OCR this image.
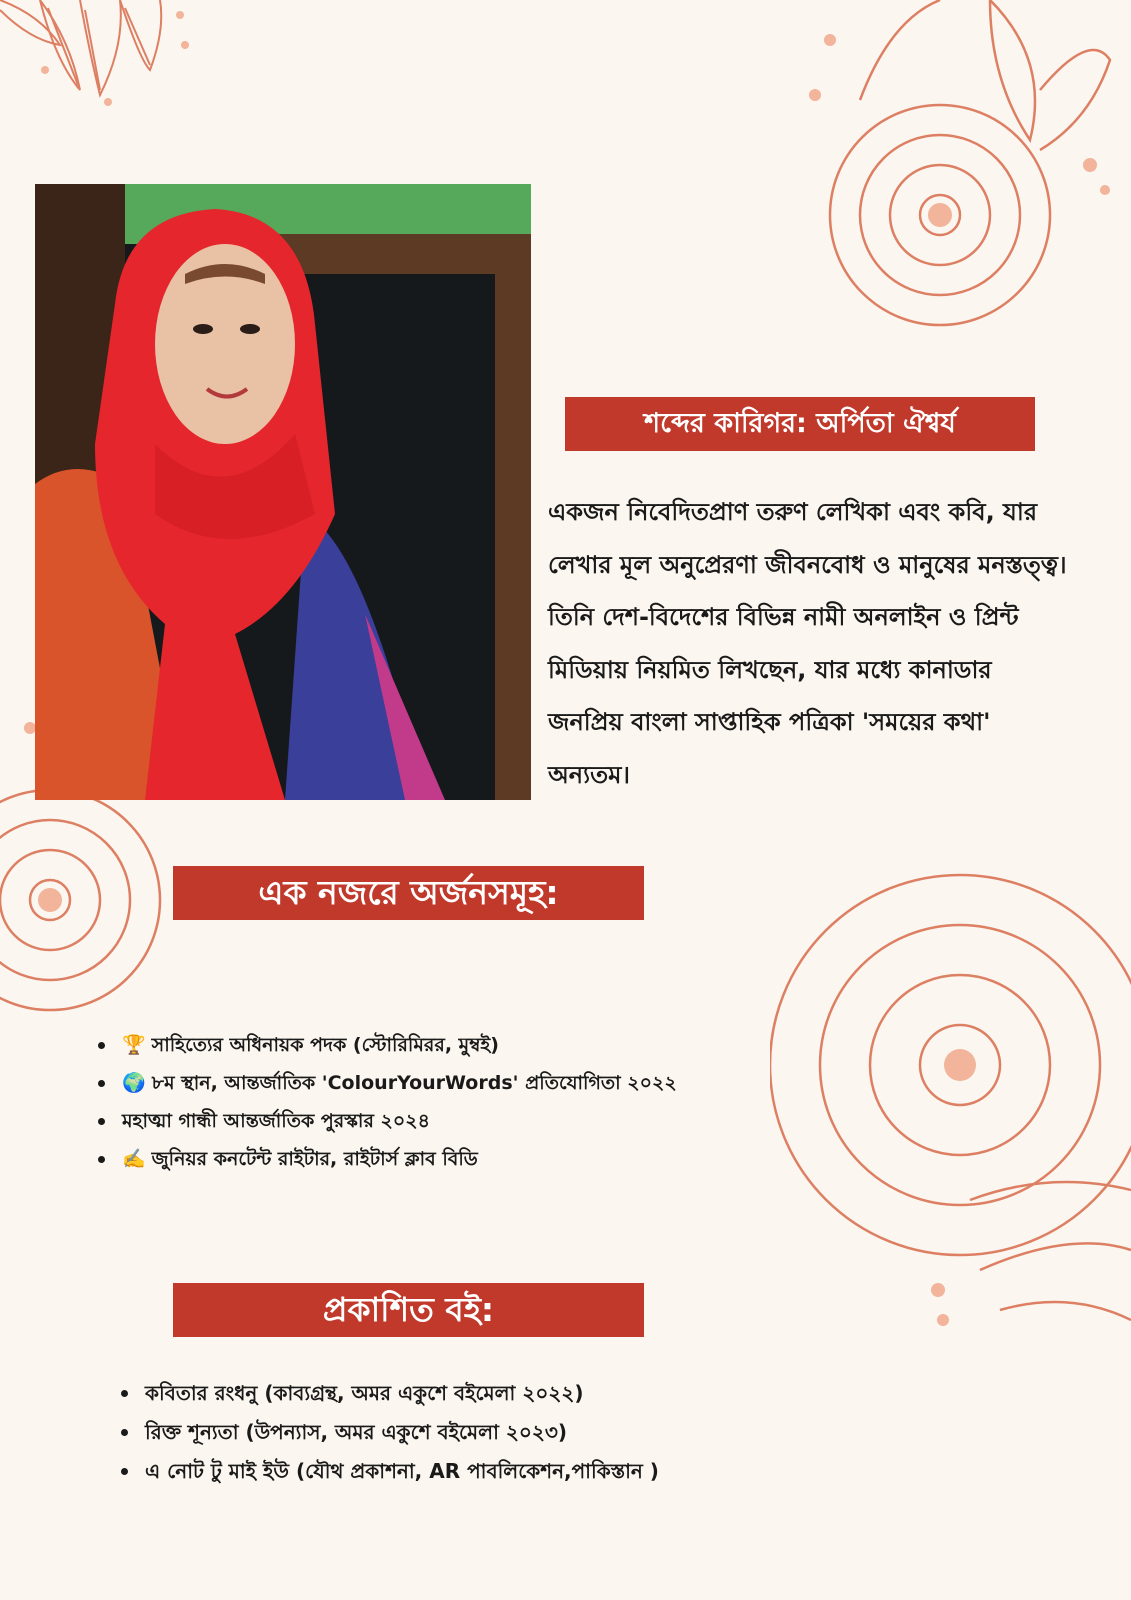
শব্দের কারিগর: অর্পিতা ঐশ্বর্য

একজন নিবেদিতপ্রাণ তরুণ লেখিকা এবং কবি, যার লেখার মূল অনুপ্রেরণা জীবনবোধ ও মানুষের মনস্তত্ত্ব। তিনি দেশ-বিদেশের বিভিন্ন নামী অনলাইন ও প্রিন্ট মিডিয়ায় নিয়মিত লিখছেন, যার মধ্যে কানাডার জনপ্রিয় বাংলা সাপ্তাহিক পত্রিকা 'সময়ের কথা' অন্যতম।

এক নজরে অর্জনসমূহ:
🏆 সাহিত্যের অধিনায়ক পদক (স্টোরিমিরর, মুম্বই)
🌍 ৮ম স্থান, আন্তর্জাতিক 'ColourYourWords' প্রতিযোগিতা ২০২২
মহাত্মা গান্ধী আন্তর্জাতিক পুরস্কার ২০২৪
✍️ জুনিয়র কনটেন্ট রাইটার, রাইটার্স ক্লাব বিডি
প্রকাশিত বই:
কবিতার রংধনু (কাব্যগ্রন্থ, অমর একুশে বইমেলা ২০২২)
রিক্ত শূন্যতা (উপন্যাস, অমর একুশে বইমেলা ২০২৩)
এ নোট টু মাই ইউ (যৌথ প্রকাশনা, AR পাবলিকেশন,পাকিস্তান )
